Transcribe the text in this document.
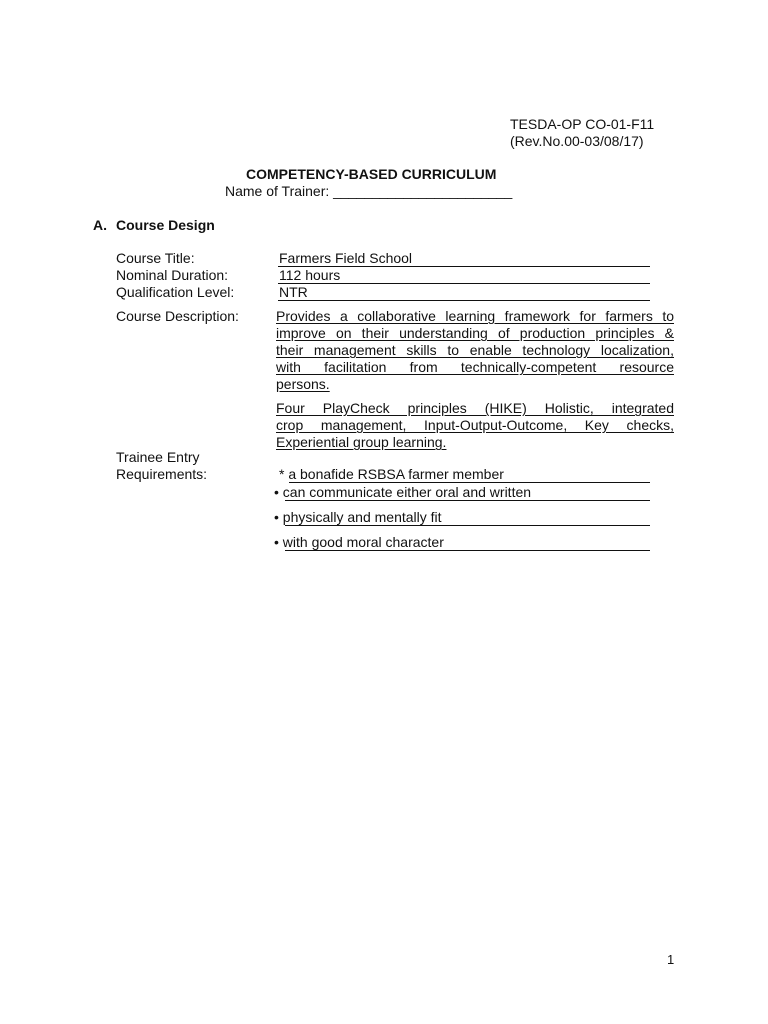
TESDA-OP CO-01-F11
(Rev.No.00-03/08/17)
COMPETENCY-BASED CURRICULUM
Name of Trainer: _______________________
A. Course Design
Course Title:	Farmers Field School
Nominal Duration:	112 hours
Qualification Level:	NTR
Course Description:	Provides a collaborative learning framework for farmers to
improve on their understanding of production principles &
their management skills to enable technology localization,
with facilitation from technically-competent resource
persons.
Four PlayCheck principles (HIKE) Holistic, integrated
crop management, Input-Output-Outcome, Key checks,
Experiential group learning.
Trainee Entry
Requirements:	* a bonafide RSBSA farmer member
• can communicate either oral and written
• physically and mentally fit
• with good moral character
1
